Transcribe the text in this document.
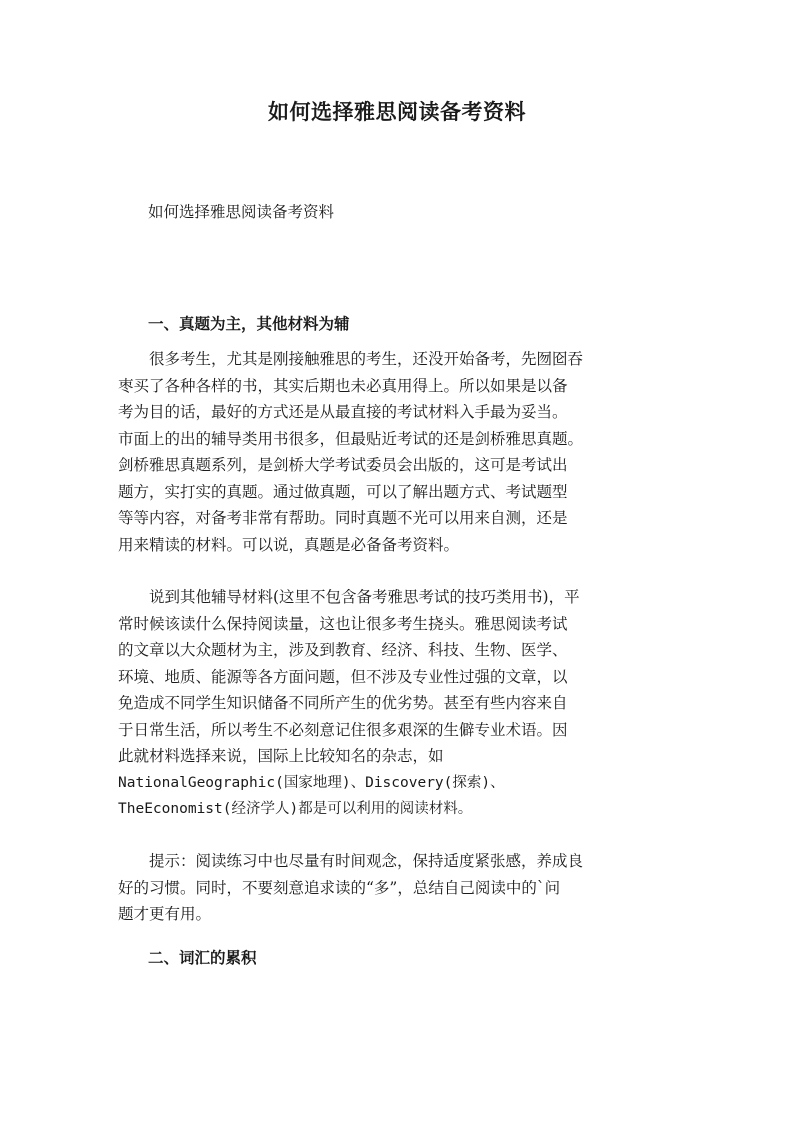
如何选择雅思阅读备考资料
如何选择雅思阅读备考资料
一、真题为主，其他材料为辅
　　很多考生，尤其是刚接触雅思的考生，还没开始备考，先囫囵吞
枣买了各种各样的书，其实后期也未必真用得上。所以如果是以备
考为目的话，最好的方式还是从最直接的考试材料入手最为妥当。
市面上的出的辅导类用书很多，但最贴近考试的还是剑桥雅思真题。
剑桥雅思真题系列，是剑桥大学考试委员会出版的，这可是考试出
题方，实打实的真题。通过做真题，可以了解出题方式、考试题型
等等内容，对备考非常有帮助。同时真题不光可以用来自测，还是
用来精读的材料。可以说，真题是必备备考资料。
　　说到其他辅导材料(这里不包含备考雅思考试的技巧类用书)，平
常时候该读什么保持阅读量，这也让很多考生挠头。雅思阅读考试
的文章以大众题材为主，涉及到教育、经济、科技、生物、医学、
环境、地质、能源等各方面问题，但不涉及专业性过强的文章，以
免造成不同学生知识储备不同所产生的优劣势。甚至有些内容来自
于日常生活，所以考生不必刻意记住很多艰深的生僻专业术语。因
此就材料选择来说，国际上比较知名的杂志，如
NationalGeographic(国家地理)、Discovery(探索)、
TheEconomist(经济学人)都是可以利用的阅读材料。
　　提示：阅读练习中也尽量有时间观念，保持适度紧张感，养成良
好的习惯。同时，不要刻意追求读的“多”，总结自己阅读中的`问
题才更有用。
二、词汇的累积
